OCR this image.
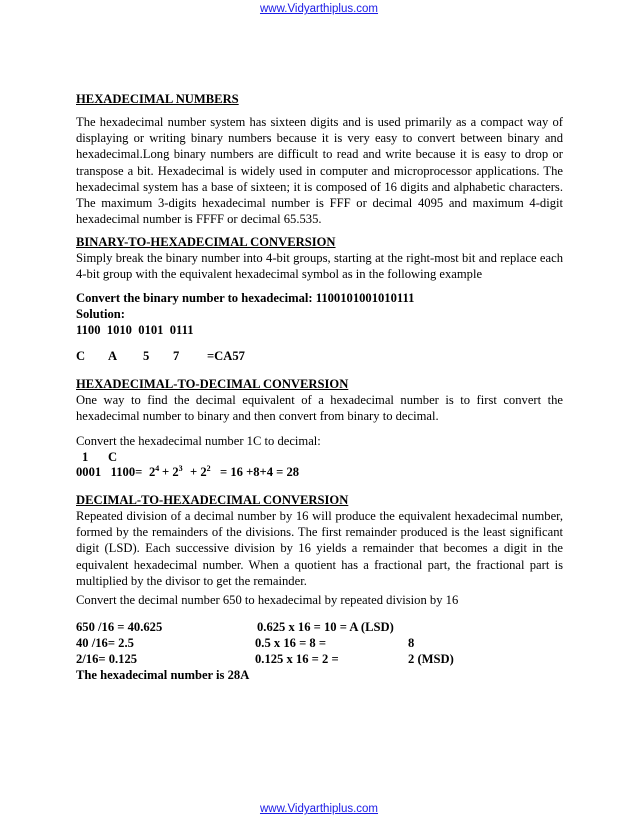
www.Vidyarthiplus.com
HEXADECIMAL NUMBERS
The hexadecimal number system has sixteen digits and is used primarily as a compact way of displaying or writing binary numbers because it is very easy to convert between binary and hexadecimal.Long binary numbers are difficult to read and write because it is easy to drop or transpose a bit. Hexadecimal is widely used in computer and microprocessor applications. The hexadecimal system has a base of sixteen; it is composed of 16 digits and alphabetic characters. The maximum 3-digits hexadecimal number is FFF or decimal 4095 and maximum 4-digit hexadecimal number is FFFF or decimal 65.535.
BINARY-TO-HEXADECIMAL CONVERSION
Simply break the binary number into 4-bit groups, starting at the right-most bit and replace each 4-bit group with the equivalent hexadecimal symbol as in the following example
Convert the binary number to hexadecimal: 1100101001010111
Solution:
1100  1010  0101  0111
C A 5 7 =CA57
HEXADECIMAL-TO-DECIMAL CONVERSION
One way to find the decimal equivalent of a hexadecimal number is to first convert the hexadecimal number to binary and then convert from binary to decimal.
Convert the hexadecimal number 1C to decimal:
1 C
0001   $1100= 2^4 + 2^3 + 2^2 = 16 +8+4 = 28$
DECIMAL-TO-HEXADECIMAL CONVERSION
Repeated division of a decimal number by 16 will produce the equivalent hexadecimal number, formed by the remainders of the divisions. The first remainder produced is the least significant digit (LSD). Each successive division by 16 yields a remainder that becomes a digit in the equivalent hexadecimal number. When a quotient has a fractional part, the fractional part is multiplied by the divisor to get the remainder.
Convert the decimal number 650 to hexadecimal by repeated division by 16
650 /16 = 40.625	0.625 x 16 = 10 = A (LSD)
40 /16= 2.5	0.5 x 16 = 8 =	8
2/16= 0.125	0.125 x 16 = 2 =	2 (MSD)
The hexadecimal number is 28A
www.Vidyarthiplus.com
